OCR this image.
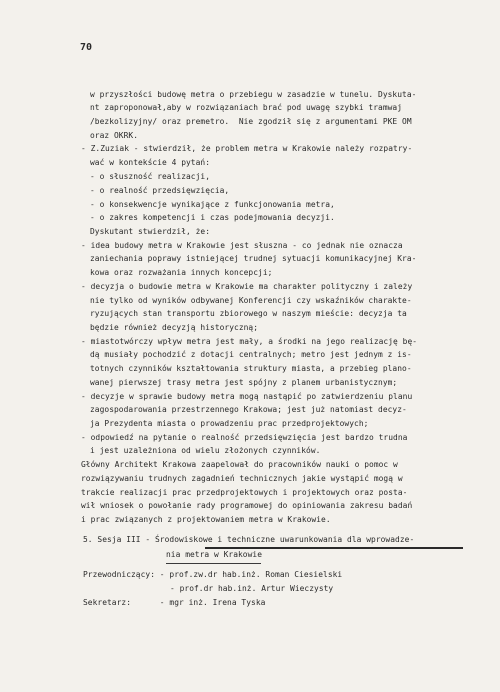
70
w przyszłości budowę metra o przebiegu w zasadzie w tunelu. Dyskutа-
nt zaproponował,aby w rozwiązaniach brać pod uwagę szybki tramwaj
/bezkolizyjny/ oraz premetro.  Nie zgodził się z argumentami PKE OM
oraz OKRK.
- Z.Zuziak - stwierdził, że problem metra w Krakowie należy rozpatry-
wać w kontekście 4 pytań:
- o słuszność realizacji,
- o realność przedsięwzięcia,
- o konsekwencje wynikające z funkcjonowania metra,
- o zakres kompetencji i czas podejmowania decyzji.
Dyskutant stwierdził, że:
- idea budowy metra w Krakowie jest słuszna - co jednak nie oznacza
zaniechania poprawy istniejącej trudnej sytuacji komunikacyjnej Kra-
kowa oraz rozważania innych koncepcji;
- decyzja o budowie metra w Krakowie ma charakter polityczny i zależy
nie tylko od wyników odbywanej Konferencji czy wskaźników charakte-
ryzujących stan transportu zbiorowego w naszym mieście: decyzja ta
będzie również decyzją historyczną;
- miastotwórczy wpływ metra jest mały, a środki na jego realizację bę-
dą musiały pochodzić z dotacji centralnych; metro jest jednym z is-
totnych czynników kształtowania struktury miasta, a przebieg plano-
wanej pierwszej trasy metra jest spójny z planem urbanistycznym;
- decyzje w sprawie budowy metra mogą nastąpić po zatwierdzeniu planu
zagospodarowania przestrzennego Krakowa; jest już natomiast decyz-
ja Prezydenta miasta o prowadzeniu prac przedprojektowych;
- odpowiedź na pytanie o realność przedsięwzięcia jest bardzo trudna
i jest uzależniona od wielu złożonych czynników.
Główny Architekt Krakowa zaapelował do pracowników nauki o pomoc w
rozwiązywaniu trudnych zagadnień technicznych jakie wystąpić mogą w
trakcie realizacji prac przedprojektowych i projektowych oraz posta-
wił wniosek o powołanie rady programowej do opiniowania zakresu badań
i prac związanych z projektowaniem metra w Krakowie.
5. Sesja III - Środowiskowe i techniczne uwarunkowania dla wprowadze-
nia metra w Krakowie
Przewodniczący: - prof.zw.dr hab.inż. Roman Ciesielski
- prof.dr hab.inż. Artur Wieczysty
Sekretarz:      - mgr inż. Irena Tyska
